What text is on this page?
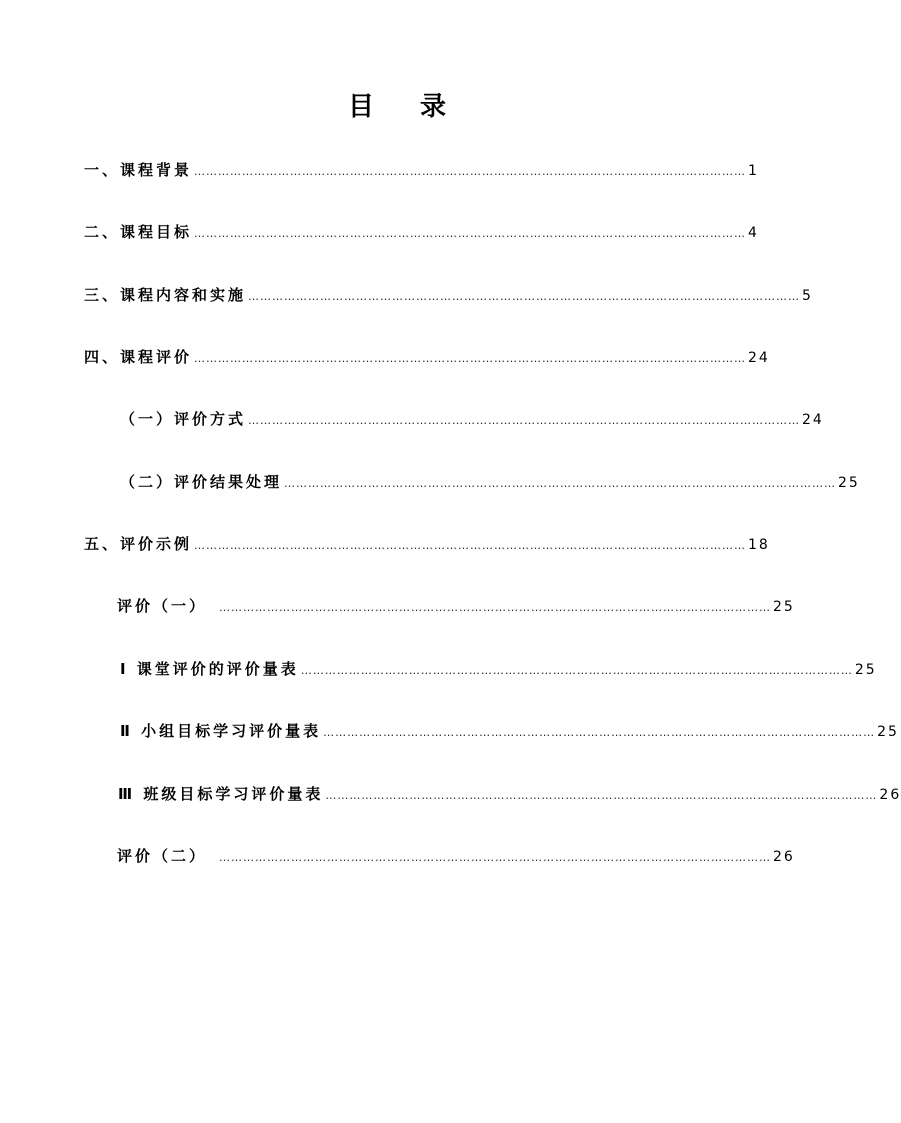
目 录
一、课程背景 ………………………………………………………………………………………………………………………… 1
二、课程目标 ………………………………………………………………………………………………………………………… 4
三、课程内容和实施 ………………………………………………………………………………………………………………………… 5
四、课程评价 ………………………………………………………………………………………………………………………… 24
（一）评价方式 ………………………………………………………………………………………………………………………… 24
（二）评价结果处理 ………………………………………………………………………………………………………………………… 25
五、评价示例 ………………………………………………………………………………………………………………………… 18
评价（一） ………………………………………………………………………………………………………………………… 25
Ⅰ 课堂评价的评价量表 ………………………………………………………………………………………………………………………… 25
Ⅱ 小组目标学习评价量表 ………………………………………………………………………………………………………………………… 25
Ⅲ 班级目标学习评价量表 ………………………………………………………………………………………………………………………… 26
评价（二） ………………………………………………………………………………………………………………………… 26
